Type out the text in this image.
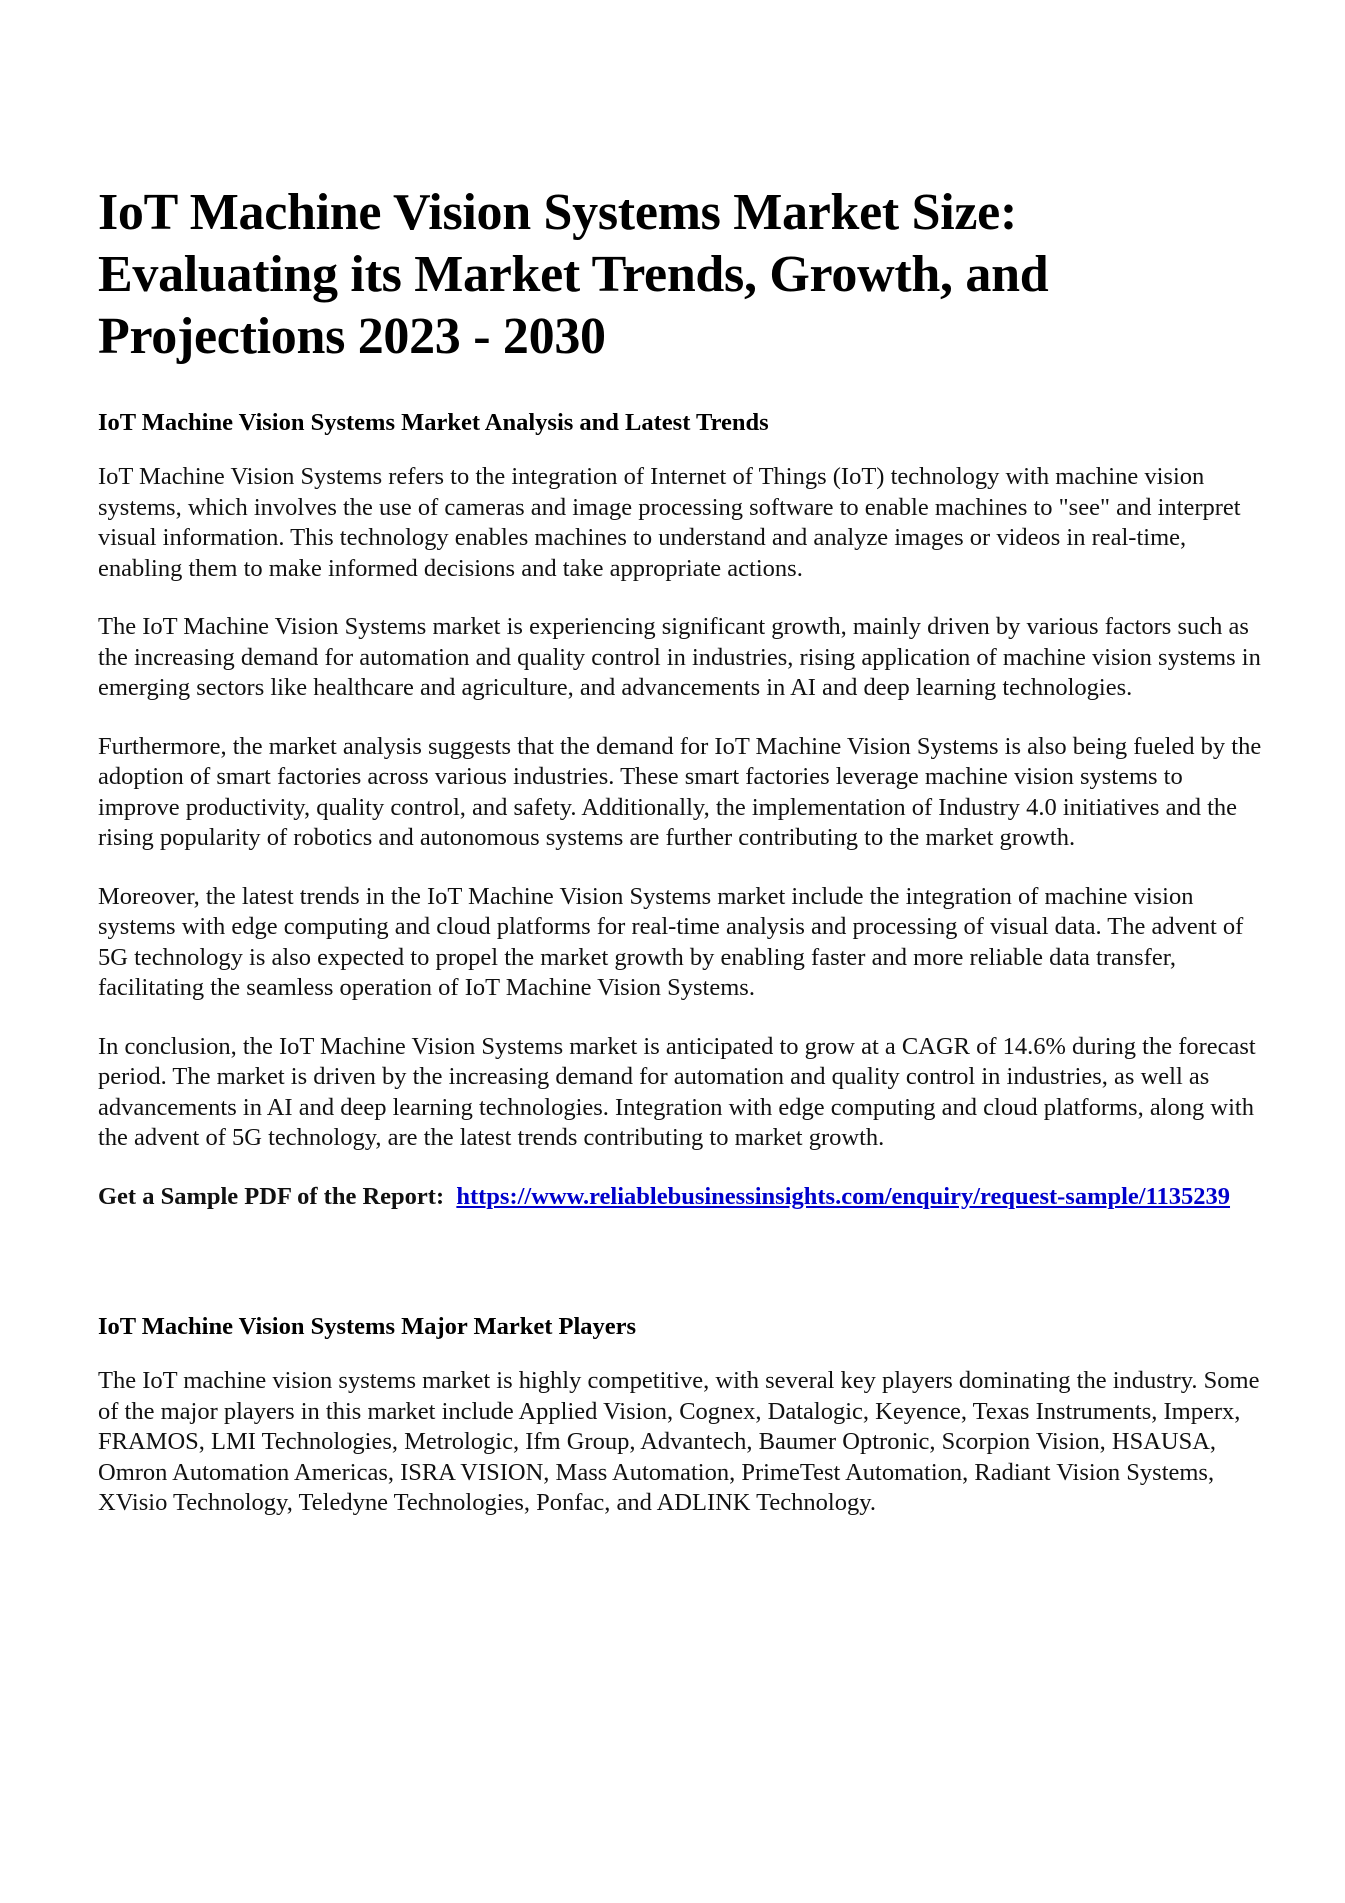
IoT Machine Vision Systems Market Size: Evaluating its Market Trends, Growth, and Projections 2023 - 2030
IoT Machine Vision Systems Market Analysis and Latest Trends

IoT Machine Vision Systems refers to the integration of Internet of Things (IoT) technology with machine vision systems, which involves the use of cameras and image processing software to enable machines to "see" and interpret visual information. This technology enables machines to understand and analyze images or videos in real-time, enabling them to make informed decisions and take appropriate actions.

The IoT Machine Vision Systems market is experiencing significant growth, mainly driven by various factors such as the increasing demand for automation and quality control in industries, rising application of machine vision systems in emerging sectors like healthcare and agriculture, and advancements in AI and deep learning technologies.

Furthermore, the market analysis suggests that the demand for IoT Machine Vision Systems is also being fueled by the adoption of smart factories across various industries. These smart factories leverage machine vision systems to improve productivity, quality control, and safety. Additionally, the implementation of Industry 4.0 initiatives and the rising popularity of robotics and autonomous systems are further contributing to the market growth.

Moreover, the latest trends in the IoT Machine Vision Systems market include the integration of machine vision systems with edge computing and cloud platforms for real-time analysis and processing of visual data. The advent of 5G technology is also expected to propel the market growth by enabling faster and more reliable data transfer, facilitating the seamless operation of IoT Machine Vision Systems.

In conclusion, the IoT Machine Vision Systems market is anticipated to grow at a CAGR of 14.6% during the forecast period. The market is driven by the increasing demand for automation and quality control in industries, as well as advancements in AI and deep learning technologies. Integration with edge computing and cloud platforms, along with the advent of 5G technology, are the latest trends contributing to market growth.

Get a Sample PDF of the Report: https://www.reliablebusinessinsights.com/enquiry/request-sample/1135239

IoT Machine Vision Systems Major Market Players

The IoT machine vision systems market is highly competitive, with several key players dominating the industry. Some of the major players in this market include Applied Vision, Cognex, Datalogic, Keyence, Texas Instruments, Imperx, FRAMOS, LMI Technologies, Metrologic, Ifm Group, Advantech, Baumer Optronic, Scorpion Vision, HSAUSA, Omron Automation Americas, ISRA VISION, Mass Automation, PrimeTest Automation, Radiant Vision Systems, XVisio Technology, Teledyne Technologies, Ponfac, and ADLINK Technology.
